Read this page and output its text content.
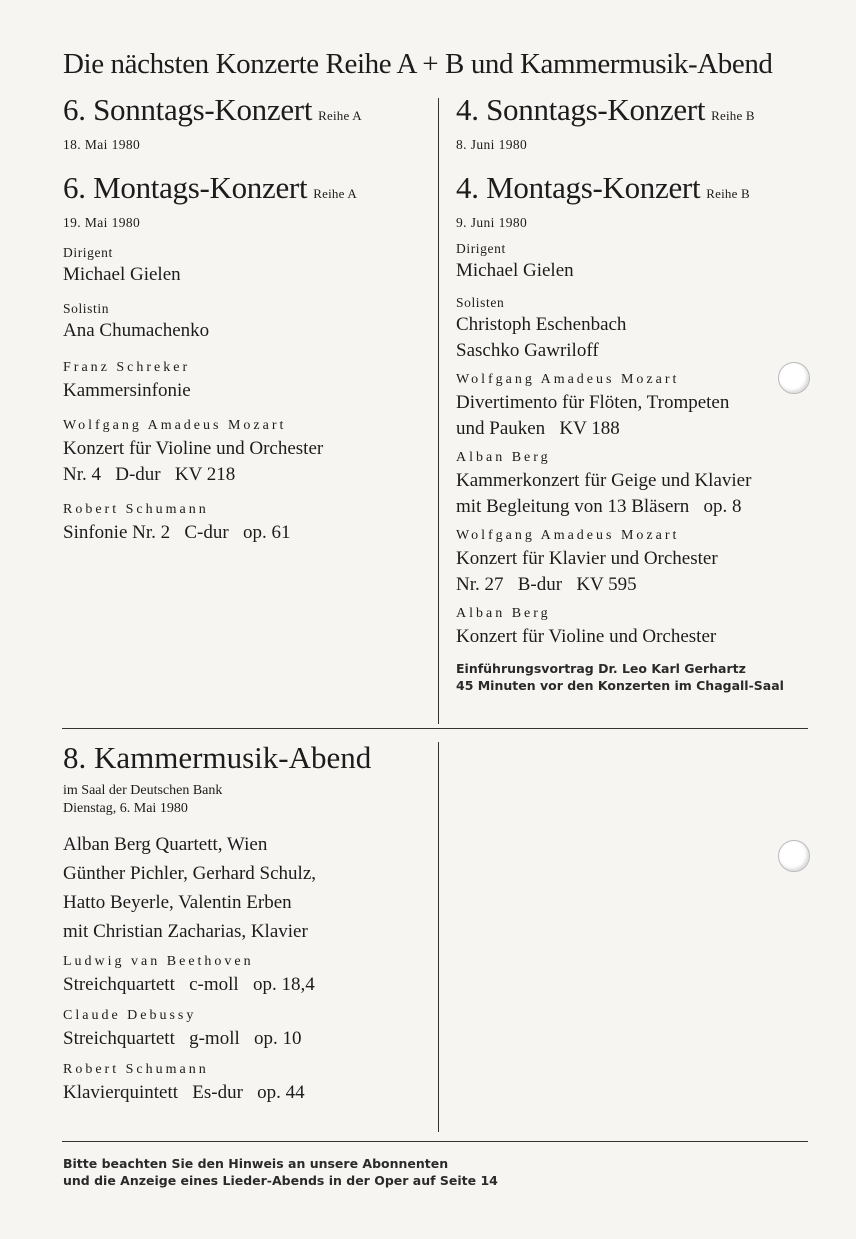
Die nächsten Konzerte Reihe A + B und Kammermusik-Abend
6. Sonntags-Konzert Reihe A
18. Mai 1980
6. Montags-Konzert Reihe A
19. Mai 1980
Dirigent
Michael Gielen
Solistin
Ana Chumachenko
Franz Schreker
Kammersinfonie
Wolfgang Amadeus Mozart
Konzert für Violine und Orchester
Nr. 4   D-dur   KV 218
Robert Schumann
Sinfonie Nr. 2   C-dur   op. 61
4. Sonntags-Konzert Reihe B
8. Juni 1980
4. Montags-Konzert Reihe B
9. Juni 1980
Dirigent
Michael Gielen
Solisten
Christoph Eschenbach
Saschko Gawriloff
Wolfgang Amadeus Mozart
Divertimento für Flöten, Trompeten
und Pauken   KV 188
Alban Berg
Kammerkonzert für Geige und Klavier
mit Begleitung von 13 Bläsern   op. 8
Wolfgang Amadeus Mozart
Konzert für Klavier und Orchester
Nr. 27   B-dur   KV 595
Alban Berg
Konzert für Violine und Orchester
Einführungsvortrag Dr. Leo Karl Gerhartz
45 Minuten vor den Konzerten im Chagall-Saal
8. Kammermusik-Abend
im Saal der Deutschen Bank
Dienstag, 6. Mai 1980
Alban Berg Quartett, Wien
Günther Pichler, Gerhard Schulz,
Hatto Beyerle, Valentin Erben
mit Christian Zacharias, Klavier
Ludwig van Beethoven
Streichquartett   c-moll   op. 18,4
Claude Debussy
Streichquartett   g-moll   op. 10
Robert Schumann
Klavierquintett   Es-dur   op. 44
Bitte beachten Sie den Hinweis an unsere Abonnenten
und die Anzeige eines Lieder-Abends in der Oper auf Seite 14
